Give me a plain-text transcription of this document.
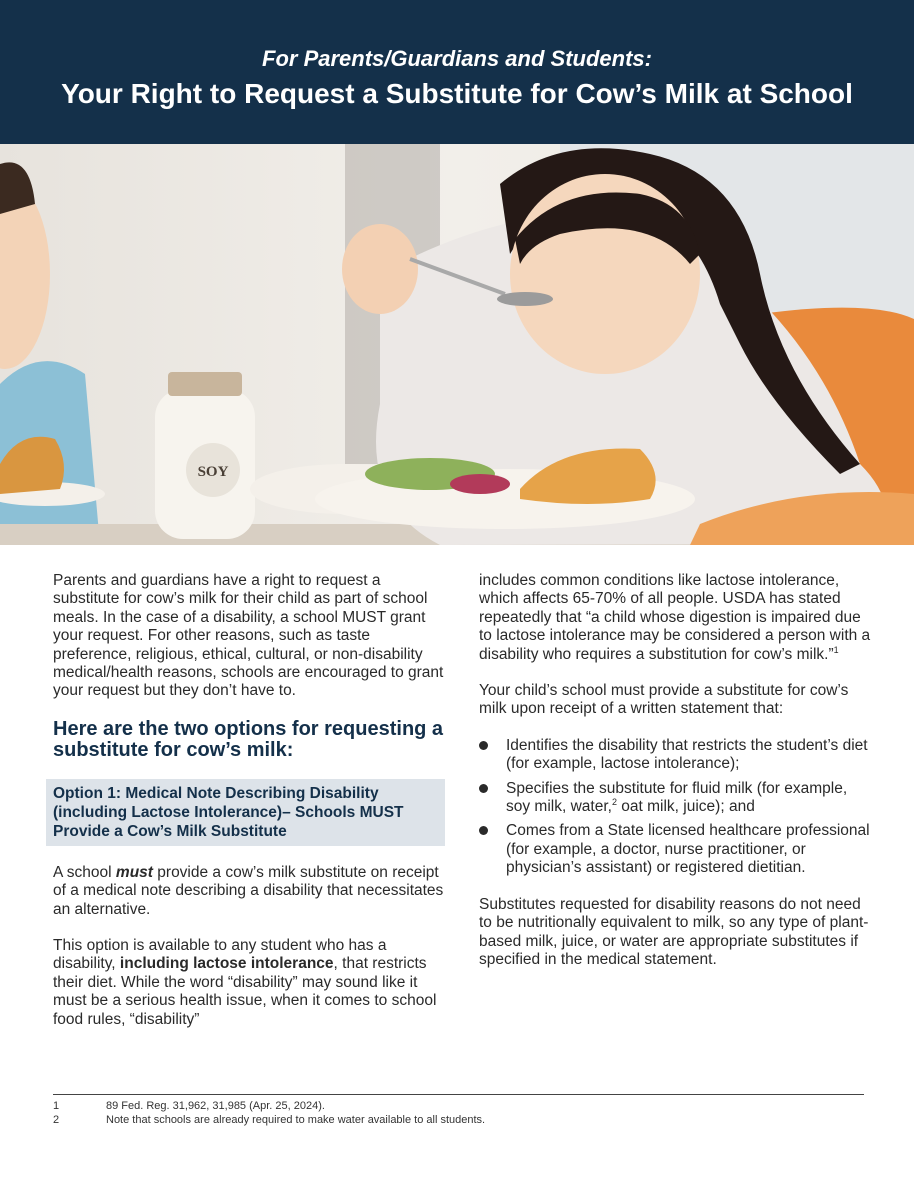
For Parents/Guardians and Students:
Your Right to Request a Substitute for Cow’s Milk at School
SOY

Parents and guardians have a right to request a substitute for cow’s milk for their child as part of school meals. In the case of a disability, a school MUST grant your request. For other reasons, such as taste preference, religious, ethical, cultural, or non-disability medical/health reasons, schools are encouraged to grant your request but they don’t have to.

Here are the two options for requesting a substitute for cow’s milk:
Option 1: Medical Note Describing Disability (including Lactose Intolerance)– Schools MUST Provide a Cow’s Milk Substitute

A school must provide a cow’s milk substitute on receipt of a medical note describing a disability that necessitates an alternative.

This option is available to any student who has a disability, including lactose intolerance, that restricts their diet. While the word “disability” may sound like it must be a serious health issue, when it comes to school food rules, “disability”

includes common conditions like lactose intolerance, which affects 65-70% of all people. USDA has stated repeatedly that “a child whose digestion is impaired due to lactose intolerance may be considered a person with a disability who requires a substitution for cow’s milk.”$^1$

Your child’s school must provide a substitute for cow’s milk upon receipt of a written statement that:

Identifies the disability that restricts the student’s diet (for example, lactose intolerance);
Specifies the substitute for fluid milk (for example, soy milk, water,$^2$ oat milk, juice); and
Comes from a State licensed healthcare professional (for example, a doctor, nurse practitioner, or physician’s assistant) or registered dietitian.

Substitutes requested for disability reasons do not need to be nutritionally equivalent to milk, so any type of plant-based milk, juice, or water are appropriate substitutes if specified in the medical statement.

1	89 Fed. Reg. 31,962, 31,985 (Apr. 25, 2024).
2	Note that schools are already required to make water available to all students.
